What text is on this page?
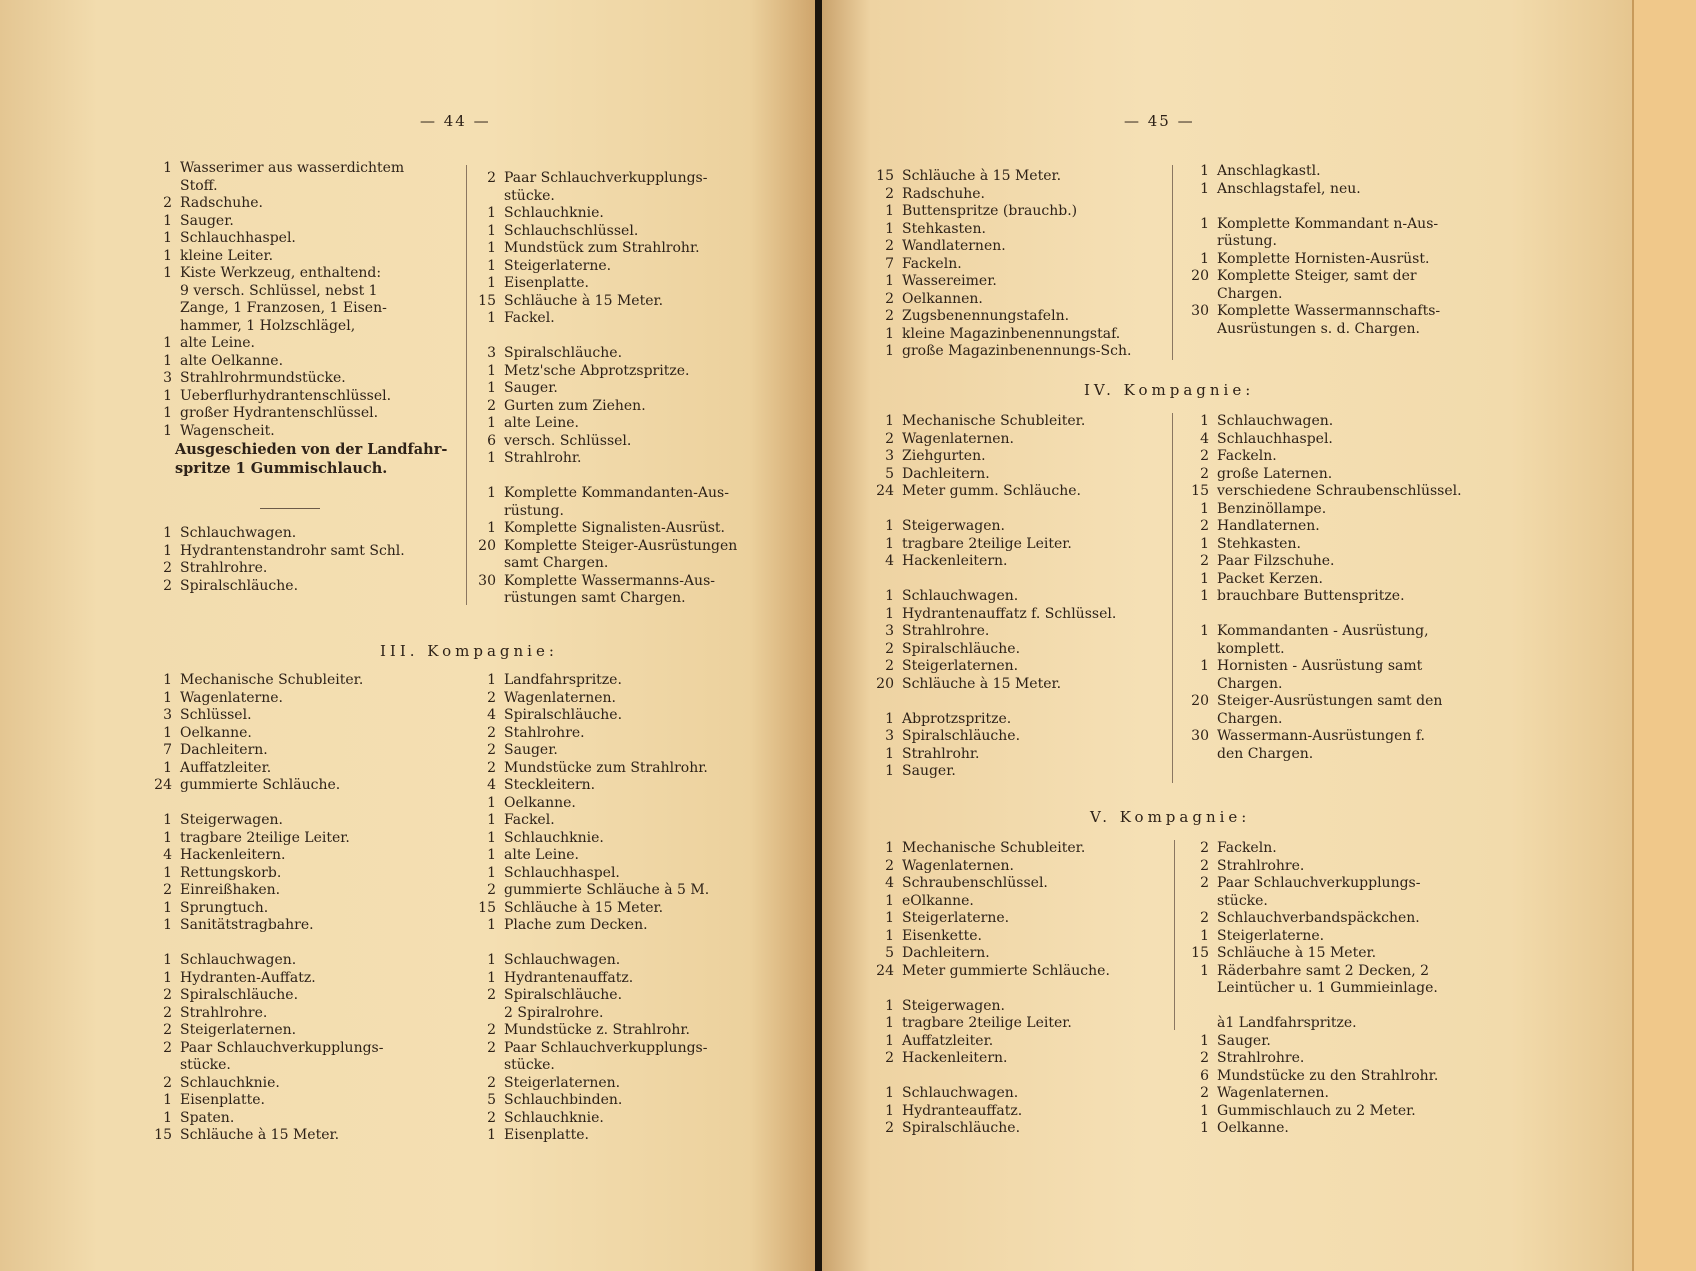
— 44 —
1 Wasserimer aus wasserdichtem
Stoff.
2 Radschuhe.
1 Sauger.
1 Schlauchhaspel.
1 kleine Leiter.
1 Kiste Werkzeug, enthaltend:
9 versch. Schlüssel, nebst 1
Zange, 1 Franzosen, 1 Eisen-
hammer, 1 Holzschlägel,
1 alte Leine.
1 alte Oelkanne.
3 Strahlrohrmundstücke.
1 Ueberflurhydrantenschlüssel.
1 großer Hydrantenschlüssel.
1 Wagenscheit.
Ausgeschieden von der Landfahr-
spritze 1 Gummischlauch.
1 Schlauchwagen.
1 Hydrantenstandrohr samt Schl.
2 Strahlrohre.
2 Spiralschläuche.
2 Paar Schlauchverkupplungs-
stücke.
1 Schlauchknie.
1 Schlauchschlüssel.
1 Mundstück zum Strahlrohr.
1 Steigerlaterne.
1 Eisenplatte.
15 Schläuche à 15 Meter.
1 Fackel.
3 Spiralschläuche.
1 Metz'sche Abprotzspritze.
1 Sauger.
2 Gurten zum Ziehen.
1 alte Leine.
6 versch. Schlüssel.
1 Strahlrohr.
1 Komplette Kommandanten-Aus-
rüstung.
1 Komplette Signalisten-Ausrüst.
20 Komplette Steiger-Ausrüstungen
samt Chargen.
30 Komplette Wassermanns-Aus-
rüstungen samt Chargen.
III. Kompagnie:
1 Mechanische Schubleiter.
1 Wagenlaterne.
3 Schlüssel.
1 Oelkanne.
7 Dachleitern.
1 Auffatzleiter.
24 gummierte Schläuche.
1 Steigerwagen.
1 tragbare 2teilige Leiter.
4 Hackenleitern.
1 Rettungskorb.
2 Einreißhaken.
1 Sprungtuch.
1 Sanitätstragbahre.
1 Schlauchwagen.
1 Hydranten-Auffatz.
2 Spiralschläuche.
2 Strahlrohre.
2 Steigerlaternen.
2 Paar Schlauchverkupplungs-
stücke.
2 Schlauchknie.
1 Eisenplatte.
1 Spaten.
15 Schläuche à 15 Meter.
1 Landfahrspritze.
2 Wagenlaternen.
4 Spiralschläuche.
2 Stahlrohre.
2 Sauger.
2 Mundstücke zum Strahlrohr.
4 Steckleitern.
1 Oelkanne.
1 Fackel.
1 Schlauchknie.
1 alte Leine.
1 Schlauchhaspel.
2 gummierte Schläuche à 5 M.
15 Schläuche à 15 Meter.
1 Plache zum Decken.
1 Schlauchwagen.
1 Hydrantenauffatz.
2 Spiralschläuche.
2 Spiralrohre.
2 Mundstücke z. Strahlrohr.
2 Paar Schlauchverkupplungs-
stücke.
2 Steigerlaternen.
5 Schlauchbinden.
2 Schlauchknie.
1 Eisenplatte.
— 45 —
15 Schläuche à 15 Meter.
2 Radschuhe.
1 Buttenspritze (brauchb.)
1 Stehkasten.
2 Wandlaternen.
7 Fackeln.
1 Wassereimer.
2 Oelkannen.
2 Zugsbenennungstafeln.
1 kleine Magazinbenennungstaf.
1 große Magazinbenennungs-Sch.
1 Anschlagkastl.
1 Anschlagstafel, neu.
1 Komplette Kommandant n-Aus-
rüstung.
1 Komplette Hornisten-Ausrüst.
20 Komplette Steiger, samt der
Chargen.
30 Komplette Wassermannschafts-
Ausrüstungen s. d. Chargen.
IV. Kompagnie:
1 Mechanische Schubleiter.
2 Wagenlaternen.
3 Ziehgurten.
5 Dachleitern.
24 Meter gumm. Schläuche.
1 Steigerwagen.
1 tragbare 2teilige Leiter.
4 Hackenleitern.
1 Schlauchwagen.
1 Hydrantenauffatz f. Schlüssel.
3 Strahlrohre.
2 Spiralschläuche.
2 Steigerlaternen.
20 Schläuche à 15 Meter.
1 Abprotzspritze.
3 Spiralschläuche.
1 Strahlrohr.
1 Sauger.
1 Schlauchwagen.
4 Schlauchhaspel.
2 Fackeln.
2 große Laternen.
15 verschiedene Schraubenschlüssel.
1 Benzinöllampe.
2 Handlaternen.
1 Stehkasten.
2 Paar Filzschuhe.
1 Packet Kerzen.
1 brauchbare Buttenspritze.
1 Kommandanten - Ausrüstung,
komplett.
1 Hornisten - Ausrüstung samt
Chargen.
20 Steiger-Ausrüstungen samt den
Chargen.
30 Wassermann-Ausrüstungen f.
den Chargen.
V. Kompagnie:
1 Mechanische Schubleiter.
2 Wagenlaternen.
4 Schraubenschlüssel.
1 eOlkanne.
1 Steigerlaterne.
1 Eisenkette.
5 Dachleitern.
24 Meter gummierte Schläuche.
1 Steigerwagen.
1 tragbare 2teilige Leiter.
1 Auffatzleiter.
2 Hackenleitern.
1 Schlauchwagen.
1 Hydranteauffatz.
2 Spiralschläuche.
2 Fackeln.
2 Strahlrohre.
2 Paar Schlauchverkupplungs-
stücke.
2 Schlauchverbandspäckchen.
1 Steigerlaterne.
15 Schläuche à 15 Meter.
1 Räderbahre samt 2 Decken, 2
Leintücher u. 1 Gummieinlage.
à1 Landfahrspritze.
1 Sauger.
2 Strahlrohre.
6 Mundstücke zu den Strahlrohr.
2 Wagenlaternen.
1 Gummischlauch zu 2 Meter.
1 Oelkanne.
